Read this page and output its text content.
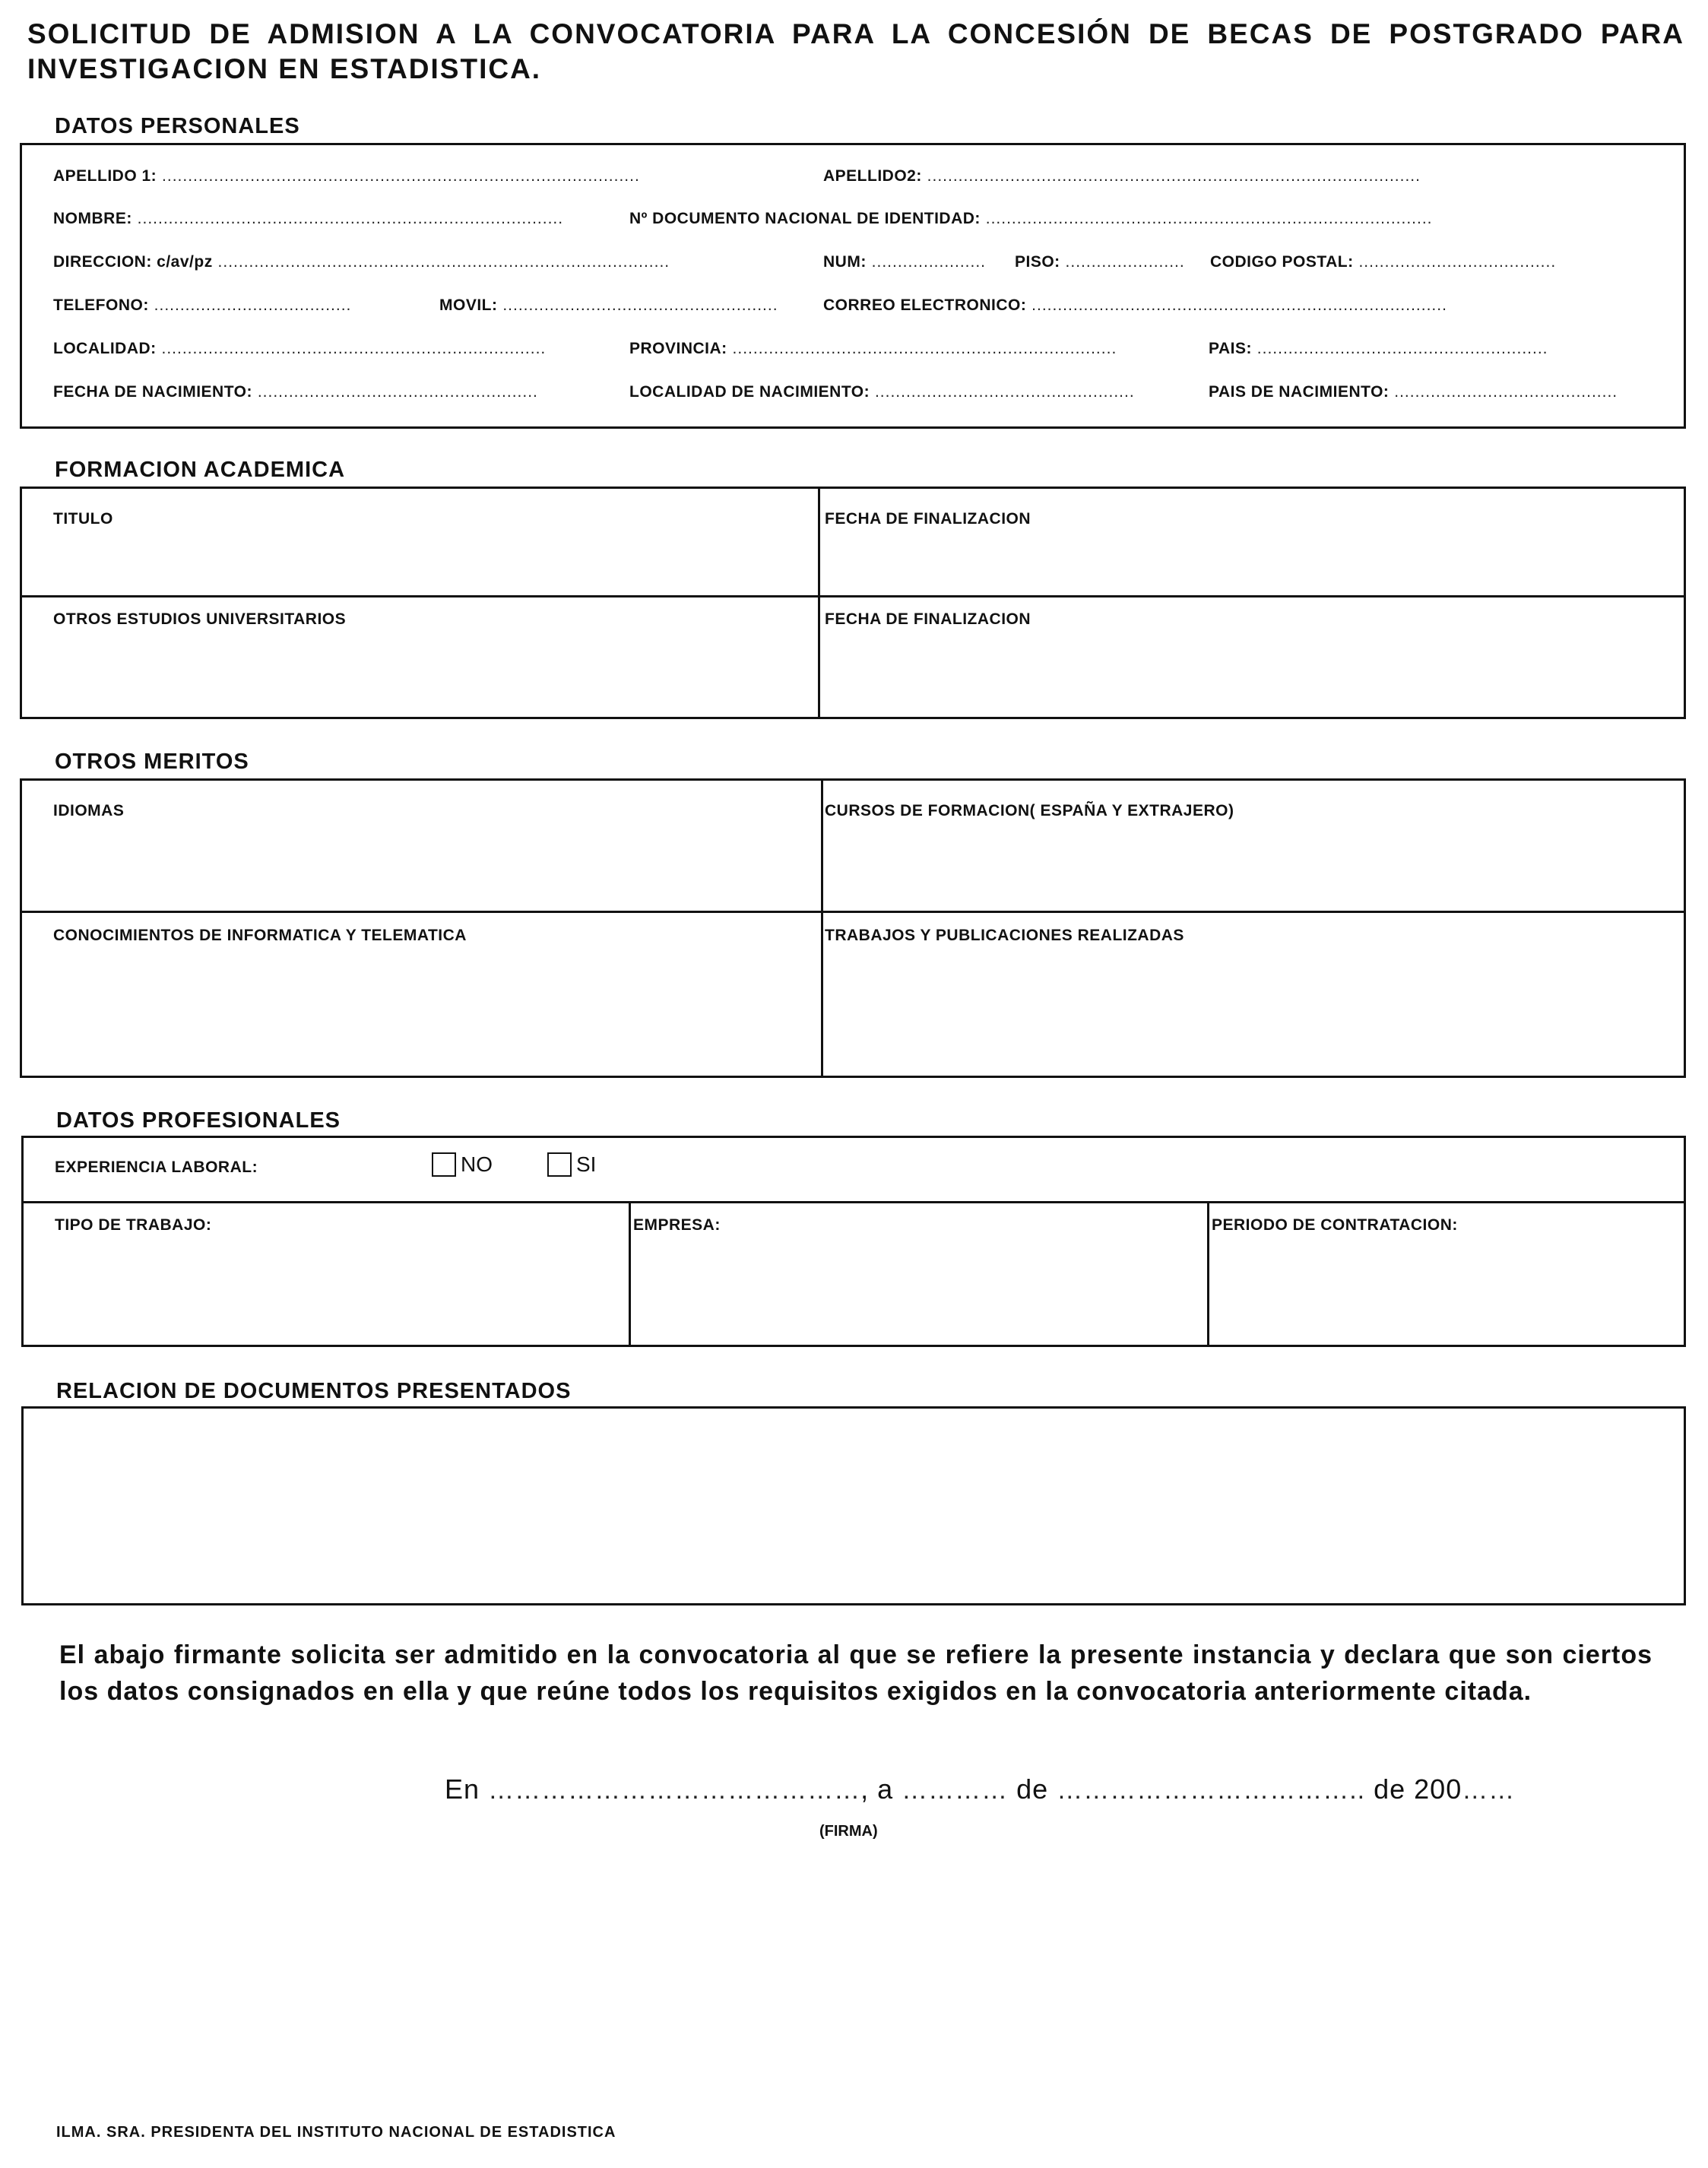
SOLICITUD DE ADMISION A LA CONVOCATORIA PARA LA CONCESIÓN DE BECAS DE POSTGRADO PARA INVESTIGACION EN ESTADISTICA.
DATOS PERSONALES
APELLIDO 1: ............................................................................................	APELLIDO2: ...............................................................................................
NOMBRE: ..................................................................................	Nº DOCUMENTO NACIONAL DE IDENTIDAD: ......................................................................................
DIRECCION: c/av/pz .......................................................................................	NUM: ...................... PISO: ....................... CODIGO POSTAL: ......................................
TELEFONO: ......................................	MOVIL: .....................................................	CORREO ELECTRONICO: ................................................................................
LOCALIDAD: ..........................................................................	PROVINCIA: ..........................................................................	PAIS: ........................................................
FECHA DE NACIMIENTO: ......................................................	LOCALIDAD DE NACIMIENTO: ..................................................	PAIS DE NACIMIENTO: ...........................................
FORMACION ACADEMICA
TITULO	FECHA DE FINALIZACION
OTROS ESTUDIOS UNIVERSITARIOS	FECHA DE FINALIZACION
OTROS MERITOS
IDIOMAS	CURSOS DE FORMACION( ESPAÑA Y EXTRAJERO)
CONOCIMIENTOS DE INFORMATICA Y TELEMATICA	TRABAJOS Y PUBLICACIONES REALIZADAS
DATOS PROFESIONALES
EXPERIENCIA LABORAL:	NO	SI
TIPO DE TRABAJO:	EMPRESA:	PERIODO DE CONTRATACION:
RELACION DE DOCUMENTOS PRESENTADOS
El abajo firmante solicita ser admitido en la convocatoria al que se refiere la presente instancia y declara que son ciertos los datos consignados en ella y que reúne todos los requisitos exigidos en la convocatoria anteriormente citada.
En ……………………………………, a ………… de …………………………….. de 200……
(FIRMA)
ILMA. SRA. PRESIDENTA DEL INSTITUTO NACIONAL DE ESTADISTICA
